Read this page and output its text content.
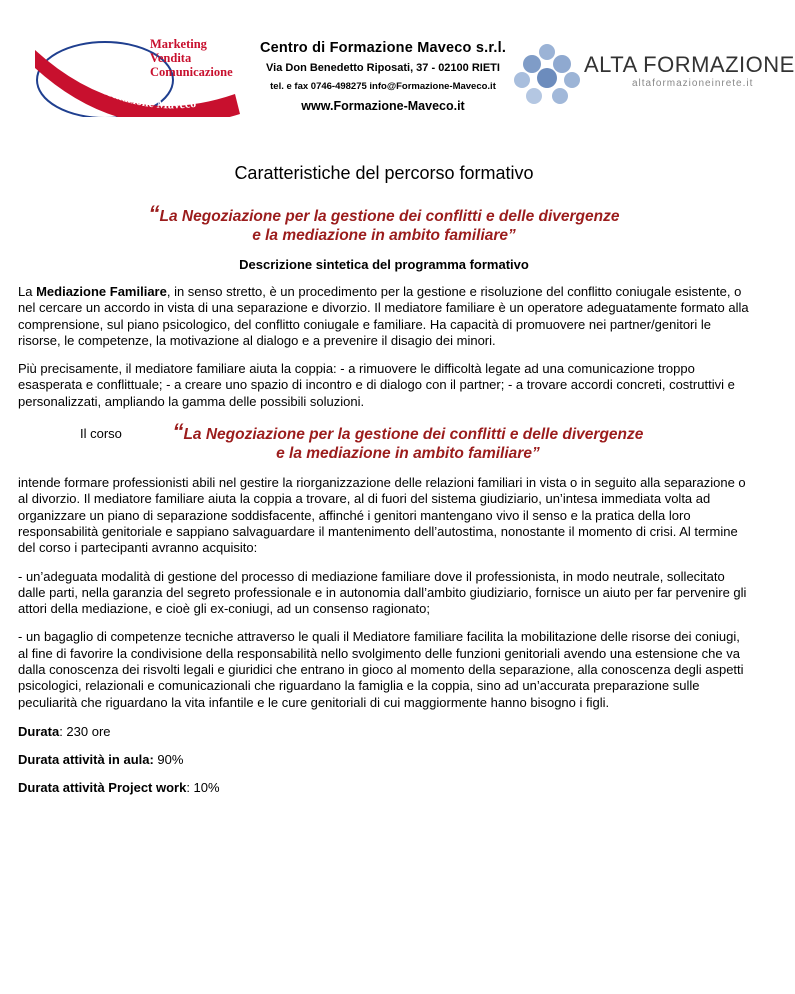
Centro di Formazione Maveco
Marketing
Vendita
Comunicazione
Centro di Formazione Maveco s.r.l.
Via Don Benedetto Riposati, 37 - 02100 RIETI
tel. e fax 0746-498275 info@Formazione-Maveco.it
www.Formazione-Maveco.it
ALTA FORMAZIONE
altaformazioneinrete.it
Caratteristiche del percorso formativo
“La Negoziazione per la gestione dei conflitti e delle divergenze
e la mediazione in ambito familiare”
Descrizione sintetica del programma formativo

La Mediazione Familiare, in senso stretto, è un procedimento per la gestione e risoluzione del conflitto coniugale esistente, o nel cercare un accordo in vista di una separazione e divorzio. Il mediatore familiare è un operatore adeguatamente formato alla comprensione, sul piano psicologico, del conflitto coniugale e familiare. Ha capacità di promuovere nei partner/genitori le risorse, le competenze, la motivazione al dialogo e a prevenire il disagio dei minori.

Più precisamente, il mediatore familiare aiuta la coppia: - a rimuovere le difficoltà legate ad una comunicazione troppo esasperata e conflittuale; - a creare uno spazio di incontro e di dialogo con il partner; - a trovare accordi concreti, costruttivi e personalizzati, ampliando la gamma delle possibili soluzioni.

Il corso	“La Negoziazione per la gestione dei conflitti e delle divergenze
e la mediazione in ambito familiare”

intende formare professionisti abili nel gestire la riorganizzazione delle relazioni familiari in vista o in seguito alla separazione o al divorzio. Il mediatore familiare aiuta la coppia a trovare, al di fuori del sistema giudiziario, un’intesa immediata volta ad organizzare un piano di separazione soddisfacente, affinché i genitori mantengano vivo il senso e la pratica della loro responsabilità genitoriale e sappiano salvaguardare il mantenimento dell’autostima, nonostante il momento di crisi. Al termine del corso i partecipanti avranno acquisito:

- un’adeguata modalità di gestione del processo di mediazione familiare dove il professionista, in modo neutrale, sollecitato dalle parti, nella garanzia del segreto professionale e in autonomia dall’ambito giudiziario, fornisce un aiuto per far pervenire gli attori della mediazione, e cioè gli ex-coniugi, ad un consenso ragionato;

- un bagaglio di competenze tecniche attraverso le quali il Mediatore familiare facilita la mobilitazione delle risorse dei coniugi, al fine di favorire la condivisione della responsabilità nello svolgimento delle funzioni genitoriali avendo una estensione che va dalla conoscenza dei risvolti legali e giuridici che entrano in gioco al momento della separazione, alla conoscenza degli aspetti psicologici, relazionali e comunicazionali che riguardano la famiglia e la coppia, sino ad un’accurata preparazione sulle peculiarità che riguardano la vita infantile e le cure genitoriali di cui maggiormente hanno bisogno i figli.

Durata: 230 ore
Durata attività in aula: 90%
Durata attività Project work: 10%
